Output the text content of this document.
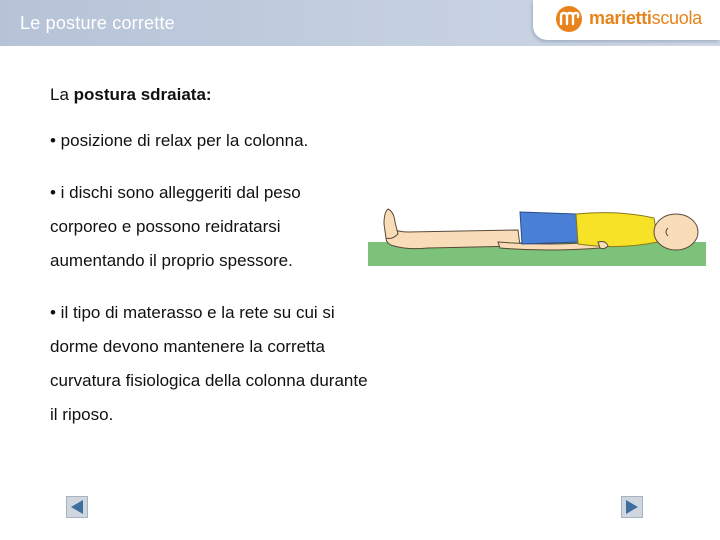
Le posture corrette	mariettiscuola

La postura sdraiata:

• posizione di relax per la colonna.

• i dischi sono alleggeriti dal peso

corporeo e possono reidratarsi

aumentando il proprio spessore.

• il tipo di materasso e la rete su cui si

dorme devono mantenere la corretta

curvatura fisiologica della colonna durante

il riposo.
